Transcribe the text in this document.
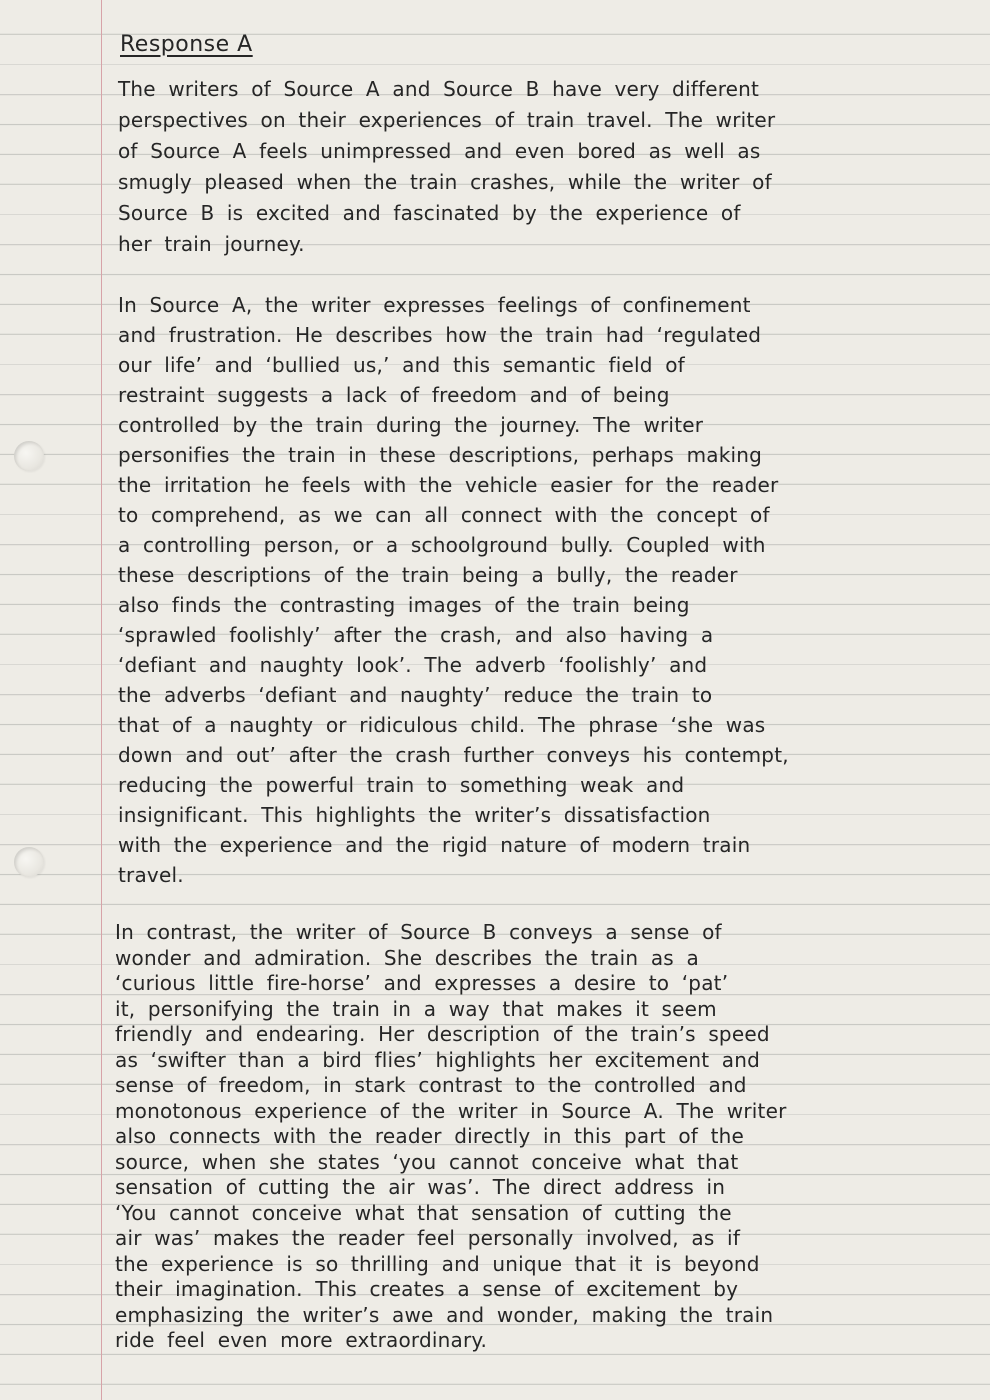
Response A
The writers of Source A and Source B have very different
perspectives on their experiences of train travel. The writer
of Source A feels unimpressed and even bored as well as
smugly pleased when the train crashes, while the writer of
Source B is excited and fascinated by the experience of
her train journey.
In Source A, the writer expresses feelings of confinement
and frustration. He describes how the train had ‘regulated
our life’ and ‘bullied us,’ and this semantic field of
restraint suggests a lack of freedom and of being
controlled by the train during the journey. The writer
personifies the train in these descriptions, perhaps making
the irritation he feels with the vehicle easier for the reader
to comprehend, as we can all connect with the concept of
a controlling person, or a schoolground bully. Coupled with
these descriptions of the train being a bully, the reader
also finds the contrasting images of the train being
‘sprawled foolishly’ after the crash, and also having a
‘defiant and naughty look’. The adverb ‘foolishly’ and
the adverbs ‘defiant and naughty’ reduce the train to
that of a naughty or ridiculous child. The phrase ‘she was
down and out’ after the crash further conveys his contempt,
reducing the powerful train to something weak and
insignificant. This highlights the writer’s dissatisfaction
with the experience and the rigid nature of modern train
travel.
In contrast, the writer of Source B conveys a sense of
wonder and admiration. She describes the train as a
‘curious little fire-horse’ and expresses a desire to ‘pat’
it, personifying the train in a way that makes it seem
friendly and endearing. Her description of the train’s speed
as ‘swifter than a bird flies’ highlights her excitement and
sense of freedom, in stark contrast to the controlled and
monotonous experience of the writer in Source A. The writer
also connects with the reader directly in this part of the
source, when she states ‘you cannot conceive what that
sensation of cutting the air was’. The direct address in
‘You cannot conceive what that sensation of cutting the
air was’ makes the reader feel personally involved, as if
the experience is so thrilling and unique that it is beyond
their imagination. This creates a sense of excitement by
emphasizing the writer’s awe and wonder, making the train
ride feel even more extraordinary.
